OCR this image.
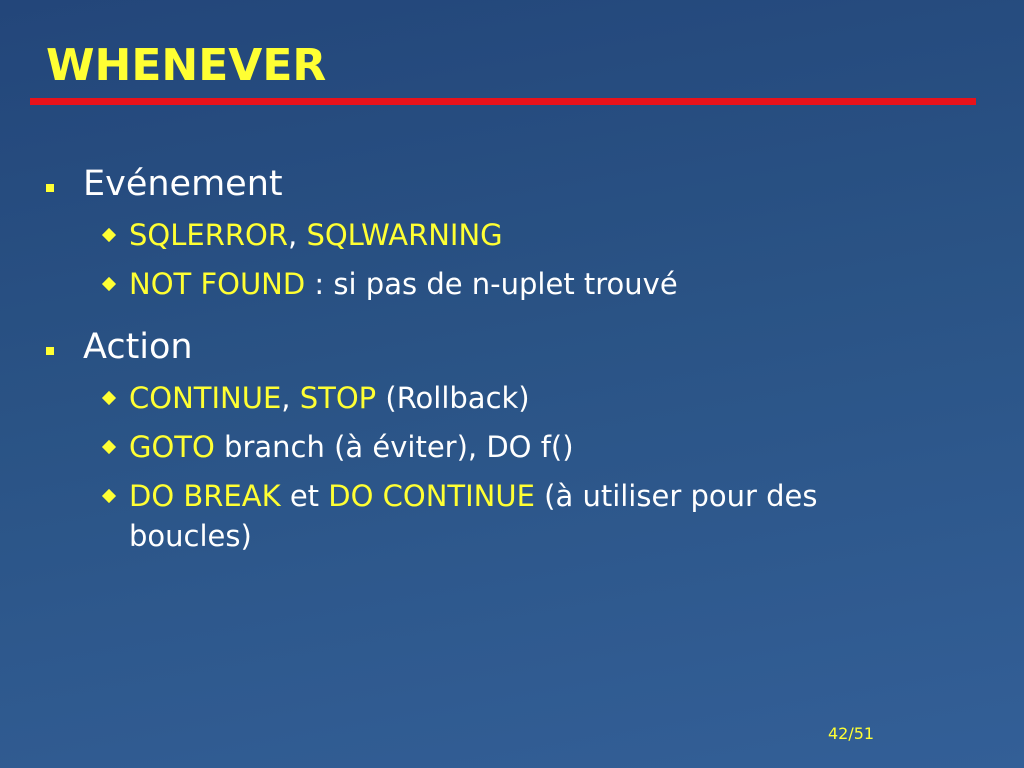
WHENEVER
Evénement
SQLERROR, SQLWARNING
NOT FOUND : si pas de n-uplet trouvé
Action
CONTINUE, STOP (Rollback)
GOTO branch (à éviter), DO f()
DO BREAK et DO CONTINUE (à utiliser pour des boucles)
42/51
